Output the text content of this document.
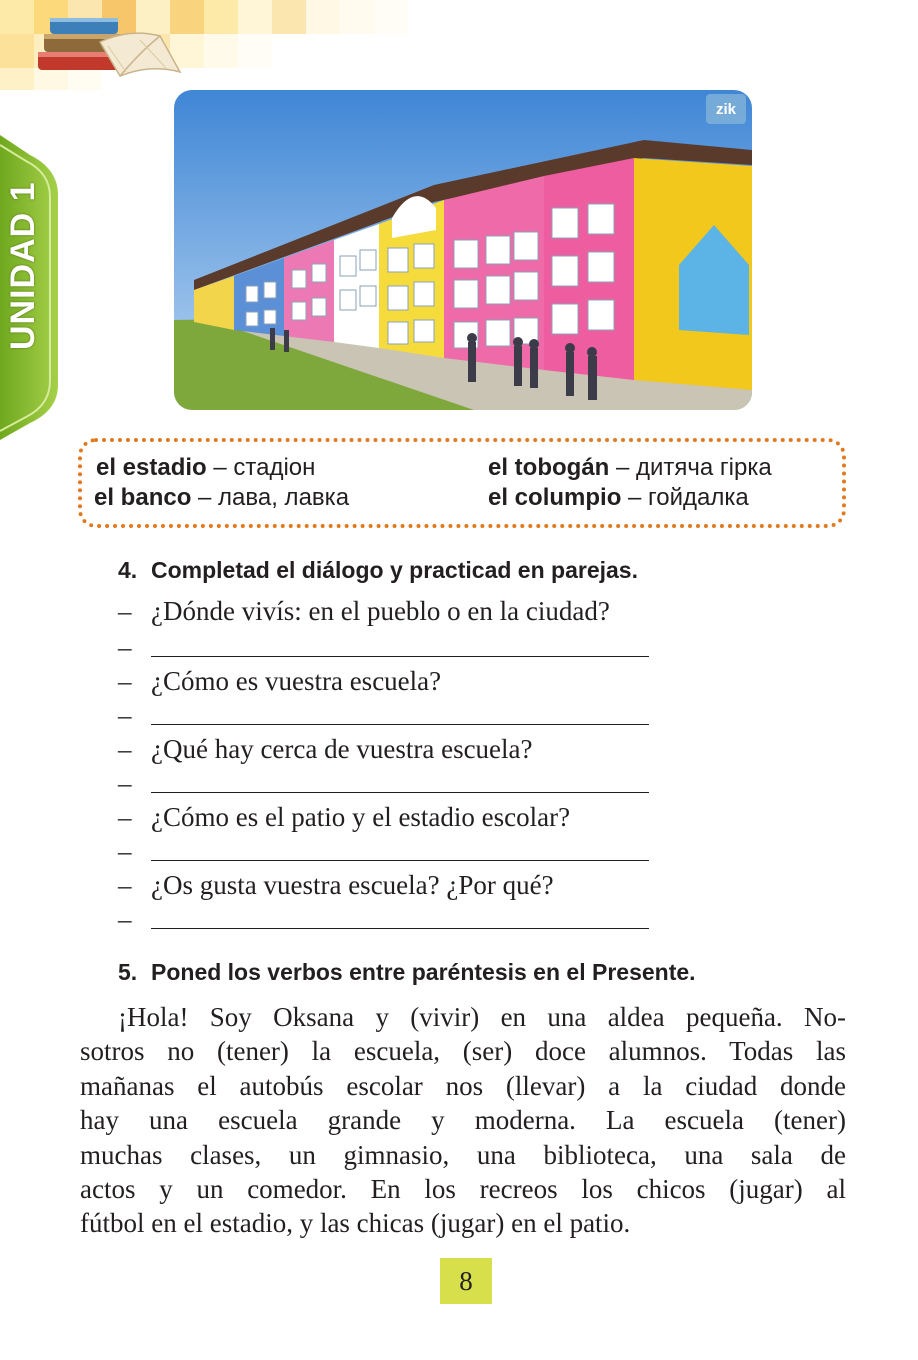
UNIDAD 1
zik
el estadio – стадіон
el banco – лава, лавка
el tobogán – дитяча гірка
el columpio – гойдалка
4. Completad el diálogo y practicad en parejas.
– ¿Dónde vivís: en el pueblo o en la ciudad?
–
– ¿Cómo es vuestra escuela?
–
– ¿Qué hay cerca de vuestra escuela?
–
– ¿Cómo es el patio y el estadio escolar?
–
– ¿Os gusta vuestra escuela? ¿Por qué?
–
5. Poned los verbos entre paréntesis en el Presente.
¡Hola! Soy Oksana y (vivir) en una aldea pequeña. No-
sotros no (tener) la escuela, (ser) doce alumnos. Todas las
mañanas el autobús escolar nos (llevar) a la ciudad donde
hay una escuela grande y moderna. La escuela (tener)
muchas clases, un gimnasio, una biblioteca, una sala de
actos y un comedor. En los recreos los chicos (jugar) al
fútbol en el estadio, y las chicas (jugar) en el patio.
8
